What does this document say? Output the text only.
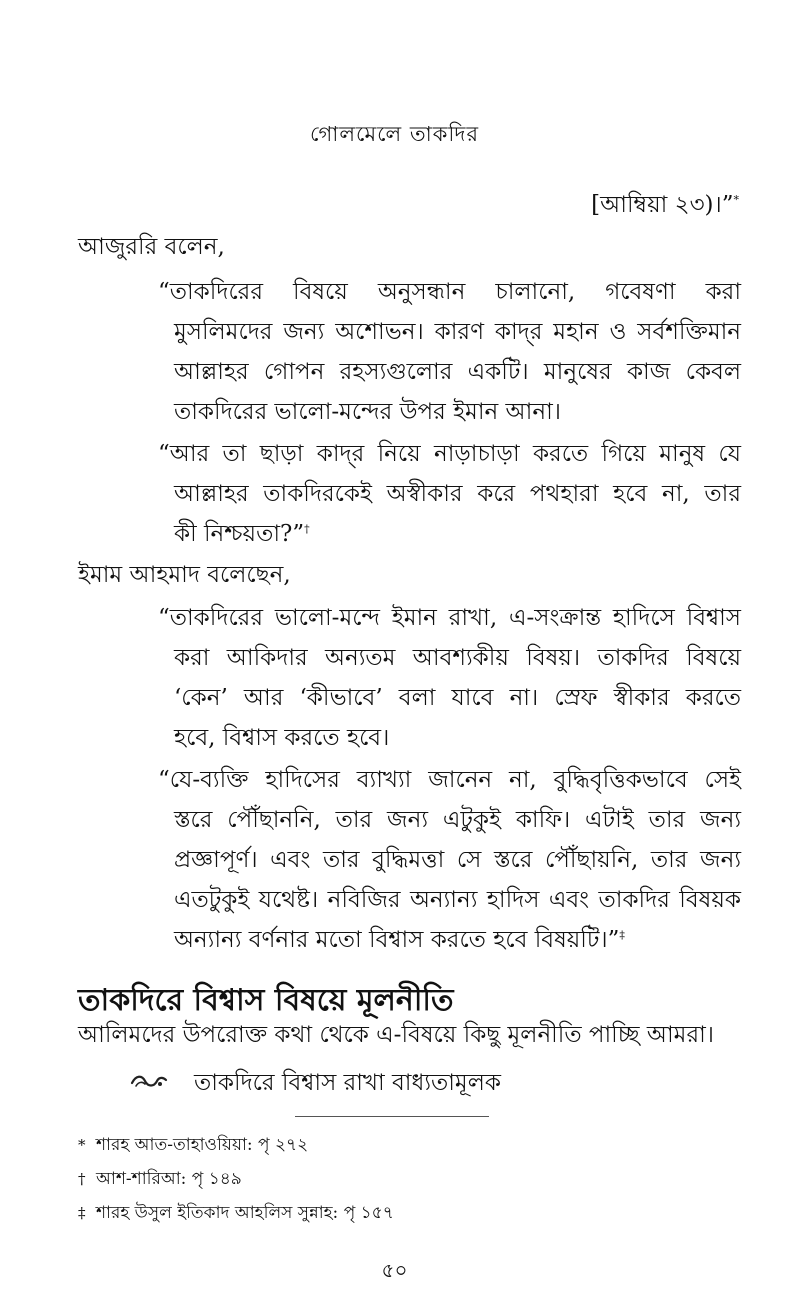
গোলমেলে তাকদির
[আম্বিয়া ২৩)।”*
আজুররি বলেন,
“তাকদিরের বিষয়ে অনুসন্ধান চালানো, গবেষণা করা
মুসলিমদের জন্য অশোভন। কারণ কাদ্‌র মহান ও সর্বশক্তিমান
আল্লাহর গোপন রহস্যগুলোর একটি। মানুষের কাজ কেবল
তাকদিরের ভালো-মন্দের উপর ইমান আনা।
“আর তা ছাড়া কাদ্‌র নিয়ে নাড়াচাড়া করতে গিয়ে মানুষ যে
আল্লাহর তাকদিরকেই অস্বীকার করে পথহারা হবে না, তার
কী নিশ্চয়তা?”†
ইমাম আহমাদ বলেছেন,
“তাকদিরের ভালো-মন্দে ইমান রাখা, এ-সংক্রান্ত হাদিসে বিশ্বাস
করা আকিদার অন্যতম আবশ্যকীয় বিষয়। তাকদির বিষয়ে
‘কেন’ আর ‘কীভাবে’ বলা যাবে না। স্রেফ স্বীকার করতে
হবে, বিশ্বাস করতে হবে।
“যে-ব্যক্তি হাদিসের ব্যাখ্যা জানেন না, বুদ্ধিবৃত্তিকভাবে সেই
স্তরে পৌঁছাননি, তার জন্য এটুকুই কাফি। এটাই তার জন্য
প্রজ্ঞাপূর্ণ। এবং তার বুদ্ধিমত্তা সে স্তরে পৌঁছায়নি, তার জন্য
এতটুকুই যথেষ্ট। নবিজির অন্যান্য হাদিস এবং তাকদির বিষয়ক
অন্যান্য বর্ণনার মতো বিশ্বাস করতে হবে বিষয়টি।”‡
তাকদিরে বিশ্বাস বিষয়ে মূলনীতি
আলিমদের উপরোক্ত কথা থেকে এ-বিষয়ে কিছু মূলনীতি পাচ্ছি আমরা।
তাকদিরে বিশ্বাস রাখা বাধ্যতামূলক
* শারহ আত-তাহাওয়িয়া: পৃ ২৭২
† আশ-শারিআ: পৃ ১৪৯
‡ শারহ উসুল ইতিকাদ আহলিস সুন্নাহ: পৃ ১৫৭
৫০
